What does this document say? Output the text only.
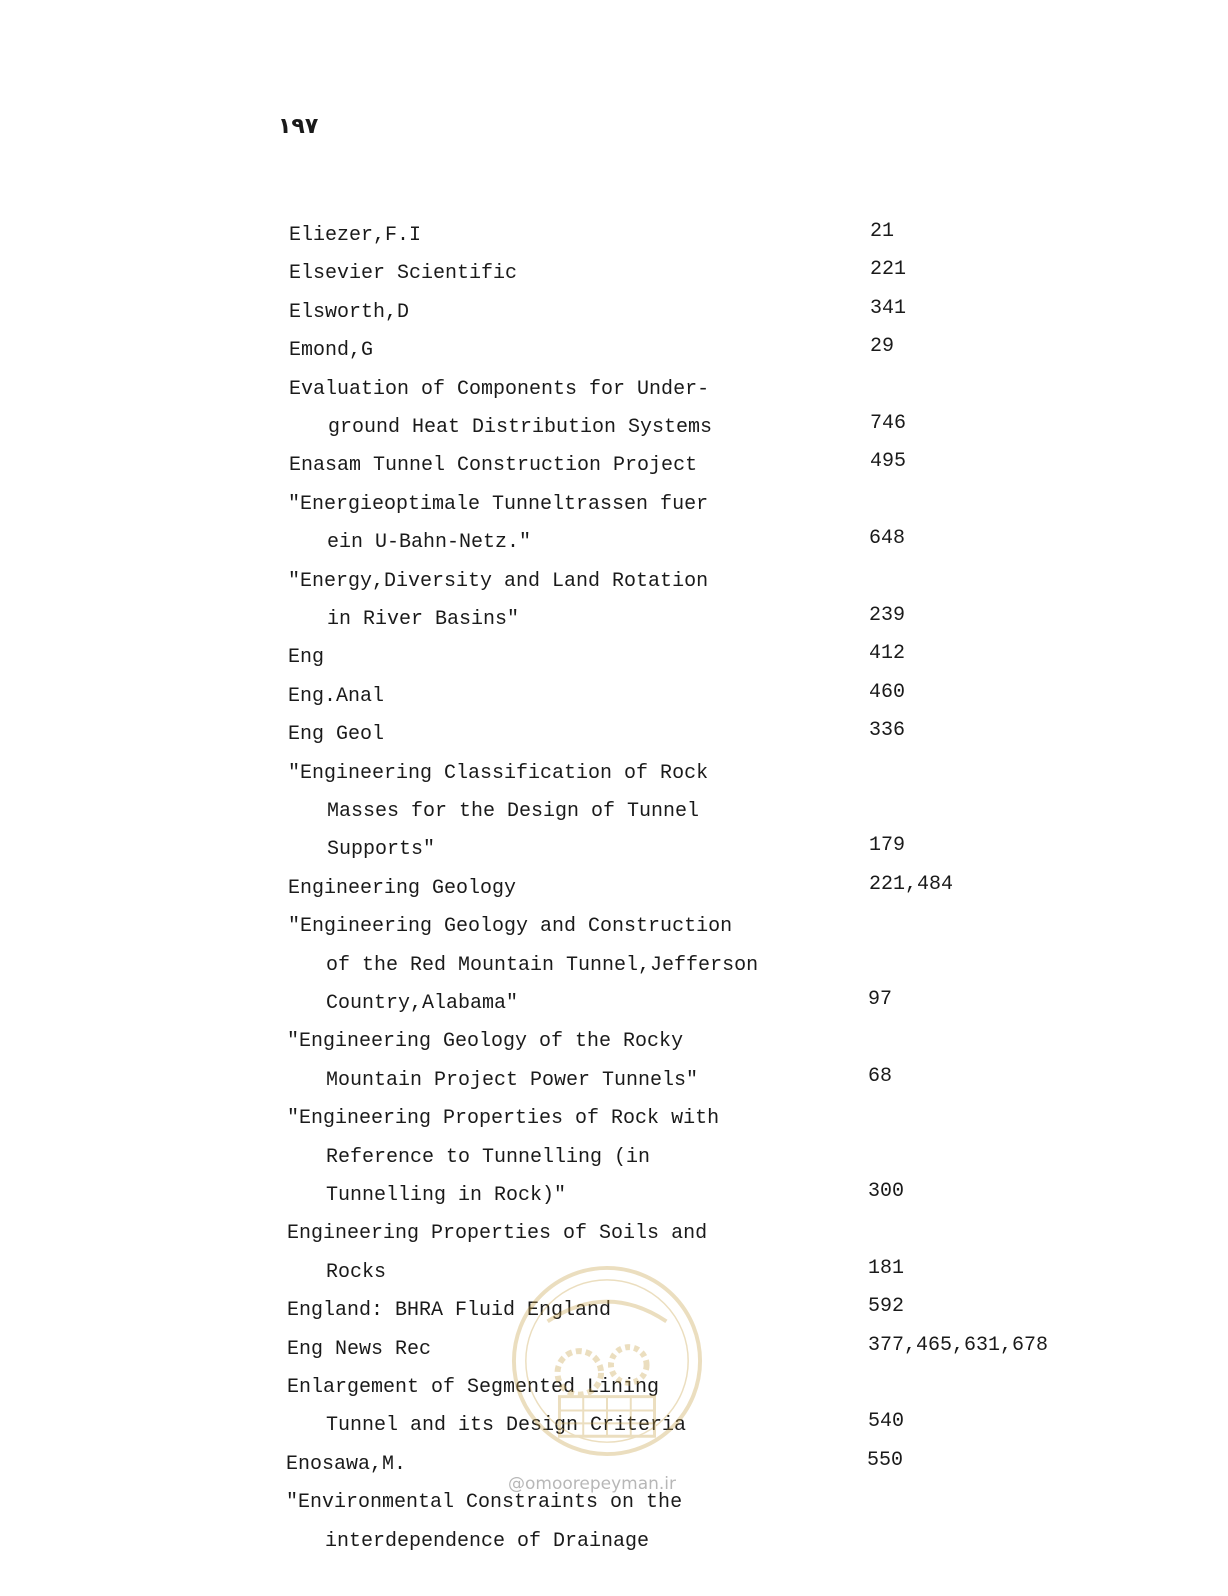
۱۹۷
Eliezer,F.I	21
Elsevier Scientific	221
Elsworth,D	341
Emond,G	29
Evaluation of Components for Under-
ground Heat Distribution Systems	746
Enasam Tunnel Construction Project	495
"Energieoptimale Tunneltrassen fuer
ein U-Bahn-Netz."	648
"Energy,Diversity and Land Rotation
in River Basins"	239
Eng	412
Eng.Anal	460
Eng Geol	336
"Engineering Classification of Rock
Masses for the Design of Tunnel
Supports"	179
Engineering Geology	221,484
"Engineering Geology and Construction
of the Red Mountain Tunnel,Jefferson
Country,Alabama"	97
"Engineering Geology of the Rocky
Mountain Project Power Tunnels"	68
"Engineering Properties of Rock with
Reference to Tunnelling (in
Tunnelling in Rock)"	300
Engineering Properties of Soils and
Rocks	181
England: BHRA Fluid England	592
Eng News Rec	377,465,631,678
Enlargement of Segmented Lining
Tunnel and its Design Criteria	540
Enosawa,M.	550
"Environmental Constraints on the
interdependence of Drainage
@omoorepeyman.ir
